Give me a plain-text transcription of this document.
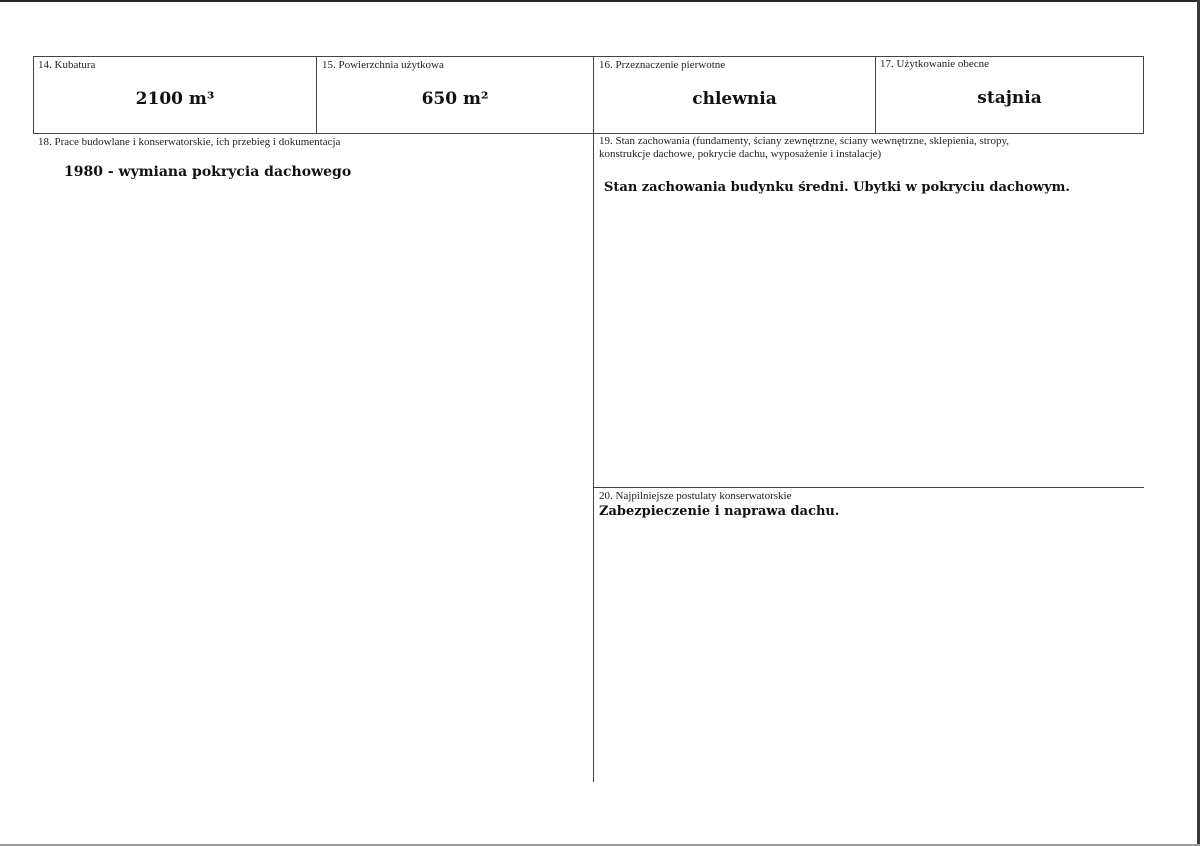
14. Kubatura
2100 m³
15. Powierzchnia użytkowa
650 m²
16. Przeznaczenie pierwotne
chlewnia
17. Użytkowanie obecne
stajnia
18. Prace budowlane i konserwatorskie, ich przebieg i dokumentacja
1980 - wymiana pokrycia dachowego
19. Stan zachowania (fundamenty, ściany zewnętrzne, ściany wewnętrzne, sklepienia, stropy,
konstrukcje dachowe, pokrycie dachu, wyposażenie i instalacje)
Stan zachowania budynku średni. Ubytki w pokryciu dachowym.
20. Najpilniejsze postulaty konserwatorskie
Zabezpieczenie i naprawa dachu.
